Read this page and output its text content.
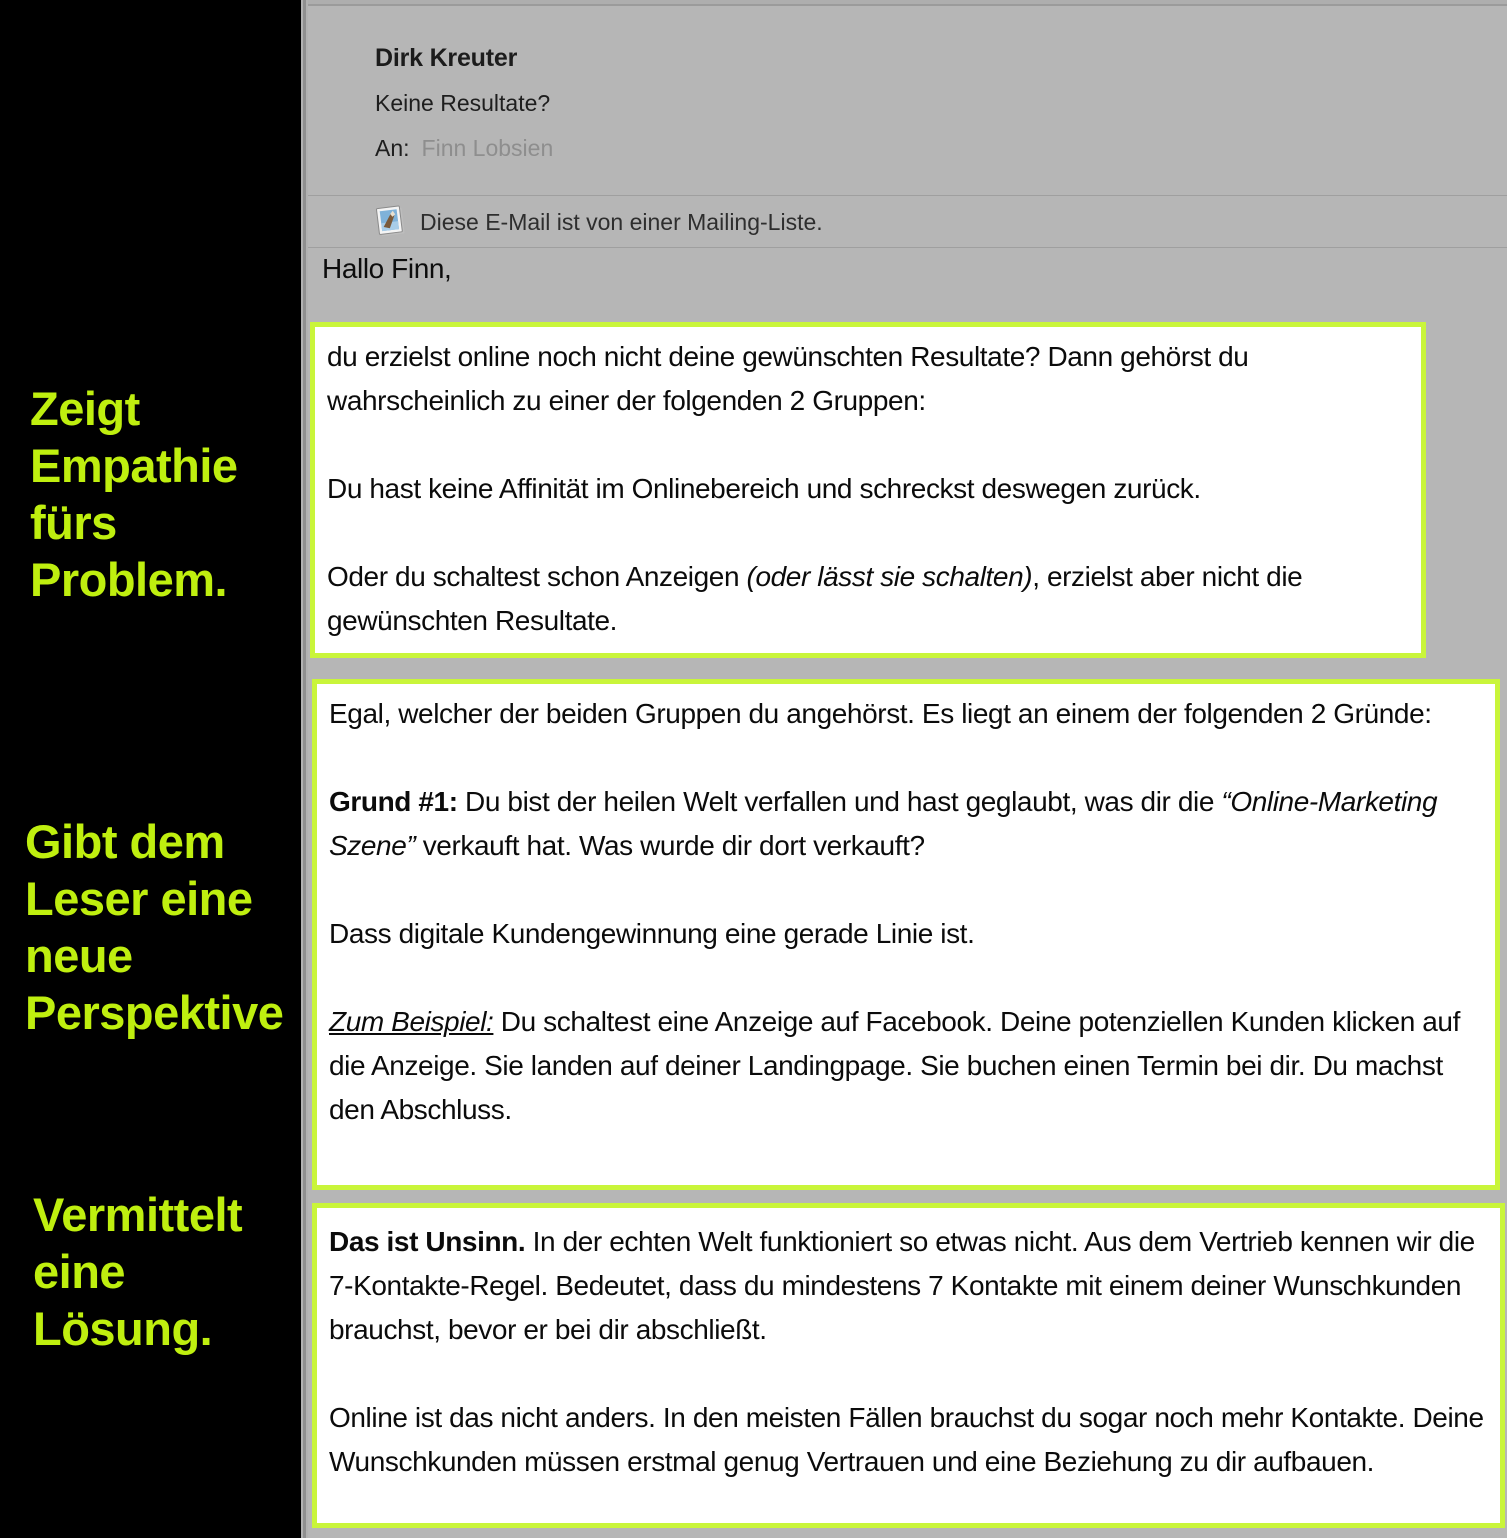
Zeigt
Empathie
fürs
Problem.
Gibt dem
Leser eine
neue
Perspektive
Vermittelt
eine
Lösung.
Dirk Kreuter
Keine Resultate?
An: Finn Lobsien
Diese E-Mail ist von einer Mailing-Liste.
Hallo Finn,

du erzielst online noch nicht deine gewünschten Resultate? Dann gehörst du wahrscheinlich zu einer der folgenden 2 Gruppen:

Du hast keine Affinität im Onlinebereich und schreckst deswegen zurück.

Oder du schaltest schon Anzeigen (oder lässt sie schalten), erzielst aber nicht die gewünschten Resultate.

Egal, welcher der beiden Gruppen du angehörst. Es liegt an einem der folgenden 2 Gründe:

Grund #1: Du bist der heilen Welt verfallen und hast geglaubt, was dir die “Online-Marketing Szene” verkauft hat. Was wurde dir dort verkauft?

Dass digitale Kundengewinnung eine gerade Linie ist.

Zum Beispiel: Du schaltest eine Anzeige auf Facebook. Deine potenziellen Kunden klicken auf die Anzeige. Sie landen auf deiner Landingpage. Sie buchen einen Termin bei dir. Du machst den Abschluss.

Das ist Unsinn. In der echten Welt funktioniert so etwas nicht. Aus dem Vertrieb kennen wir die 7-Kontakte-Regel. Bedeutet, dass du mindestens 7 Kontakte mit einem deiner Wunschkunden brauchst, bevor er bei dir abschließt.

Online ist das nicht anders. In den meisten Fällen brauchst du sogar noch mehr Kontakte. Deine Wunschkunden müssen erstmal genug Vertrauen und eine Beziehung zu dir aufbauen.
